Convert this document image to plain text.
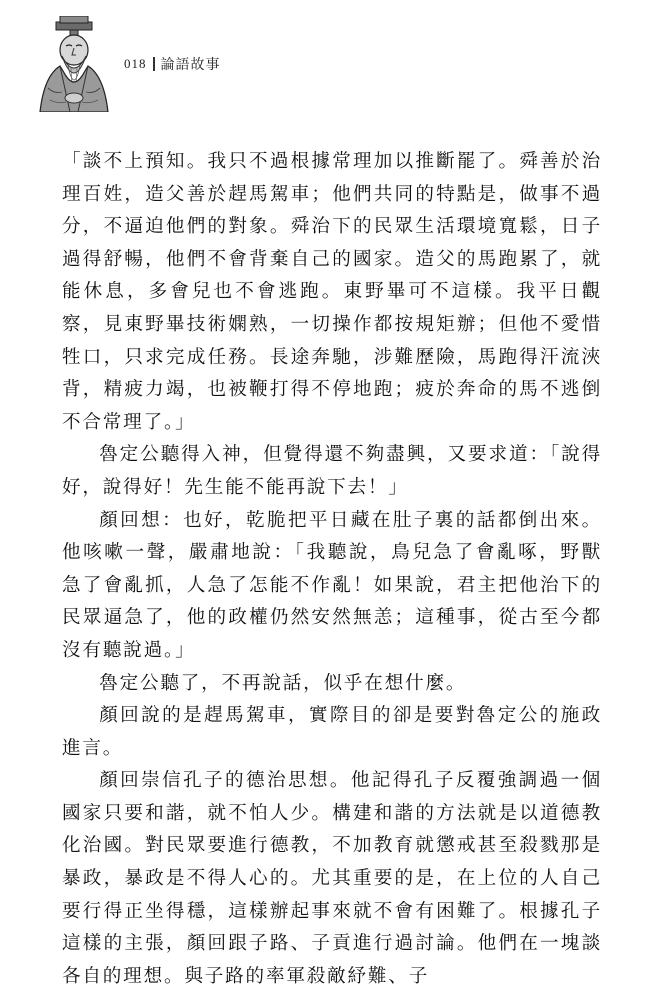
018 論語故事

「談不上預知。我只不過根據常理加以推斷罷了。舜善於治理百姓，造父善於趕馬駕車；他們共同的特點是，做事不過分，不逼迫他們的對象。舜治下的民眾生活環境寬鬆，日子過得舒暢，他們不會背棄自己的國家。造父的馬跑累了，就能休息，多會兒也不會逃跑。東野畢可不這樣。我平日觀察，見東野畢技術嫻熟，一切操作都按規矩辦；但他不愛惜牲口，只求完成任務。長途奔馳，涉難歷險，馬跑得汗流浹背，精疲力竭，也被鞭打得不停地跑；疲於奔命的馬不逃倒不合常理了。」

魯定公聽得入神，但覺得還不夠盡興，又要求道：「說得好，說得好！先生能不能再說下去！」

顏回想：也好，乾脆把平日藏在肚子裏的話都倒出來。他咳嗽一聲，嚴肅地說：「我聽說，鳥兒急了會亂啄，野獸急了會亂抓，人急了怎能不作亂！如果說，君主把他治下的民眾逼急了，他的政權仍然安然無恙；這種事，從古至今都沒有聽說過。」

魯定公聽了，不再說話，似乎在想什麼。

顏回說的是趕馬駕車，實際目的卻是要對魯定公的施政進言。

顏回崇信孔子的德治思想。他記得孔子反覆強調過一個國家只要和諧，就不怕人少。構建和諧的方法就是以道德教化治國。對民眾要進行德教，不加教育就懲戒甚至殺戮那是暴政，暴政是不得人心的。尤其重要的是，在上位的人自己要行得正坐得穩，這樣辦起事來就不會有困難了。根據孔子這樣的主張，顏回跟子路、子貢進行過討論。他們在一塊談各自的理想。與子路的率軍殺敵紓難、子
